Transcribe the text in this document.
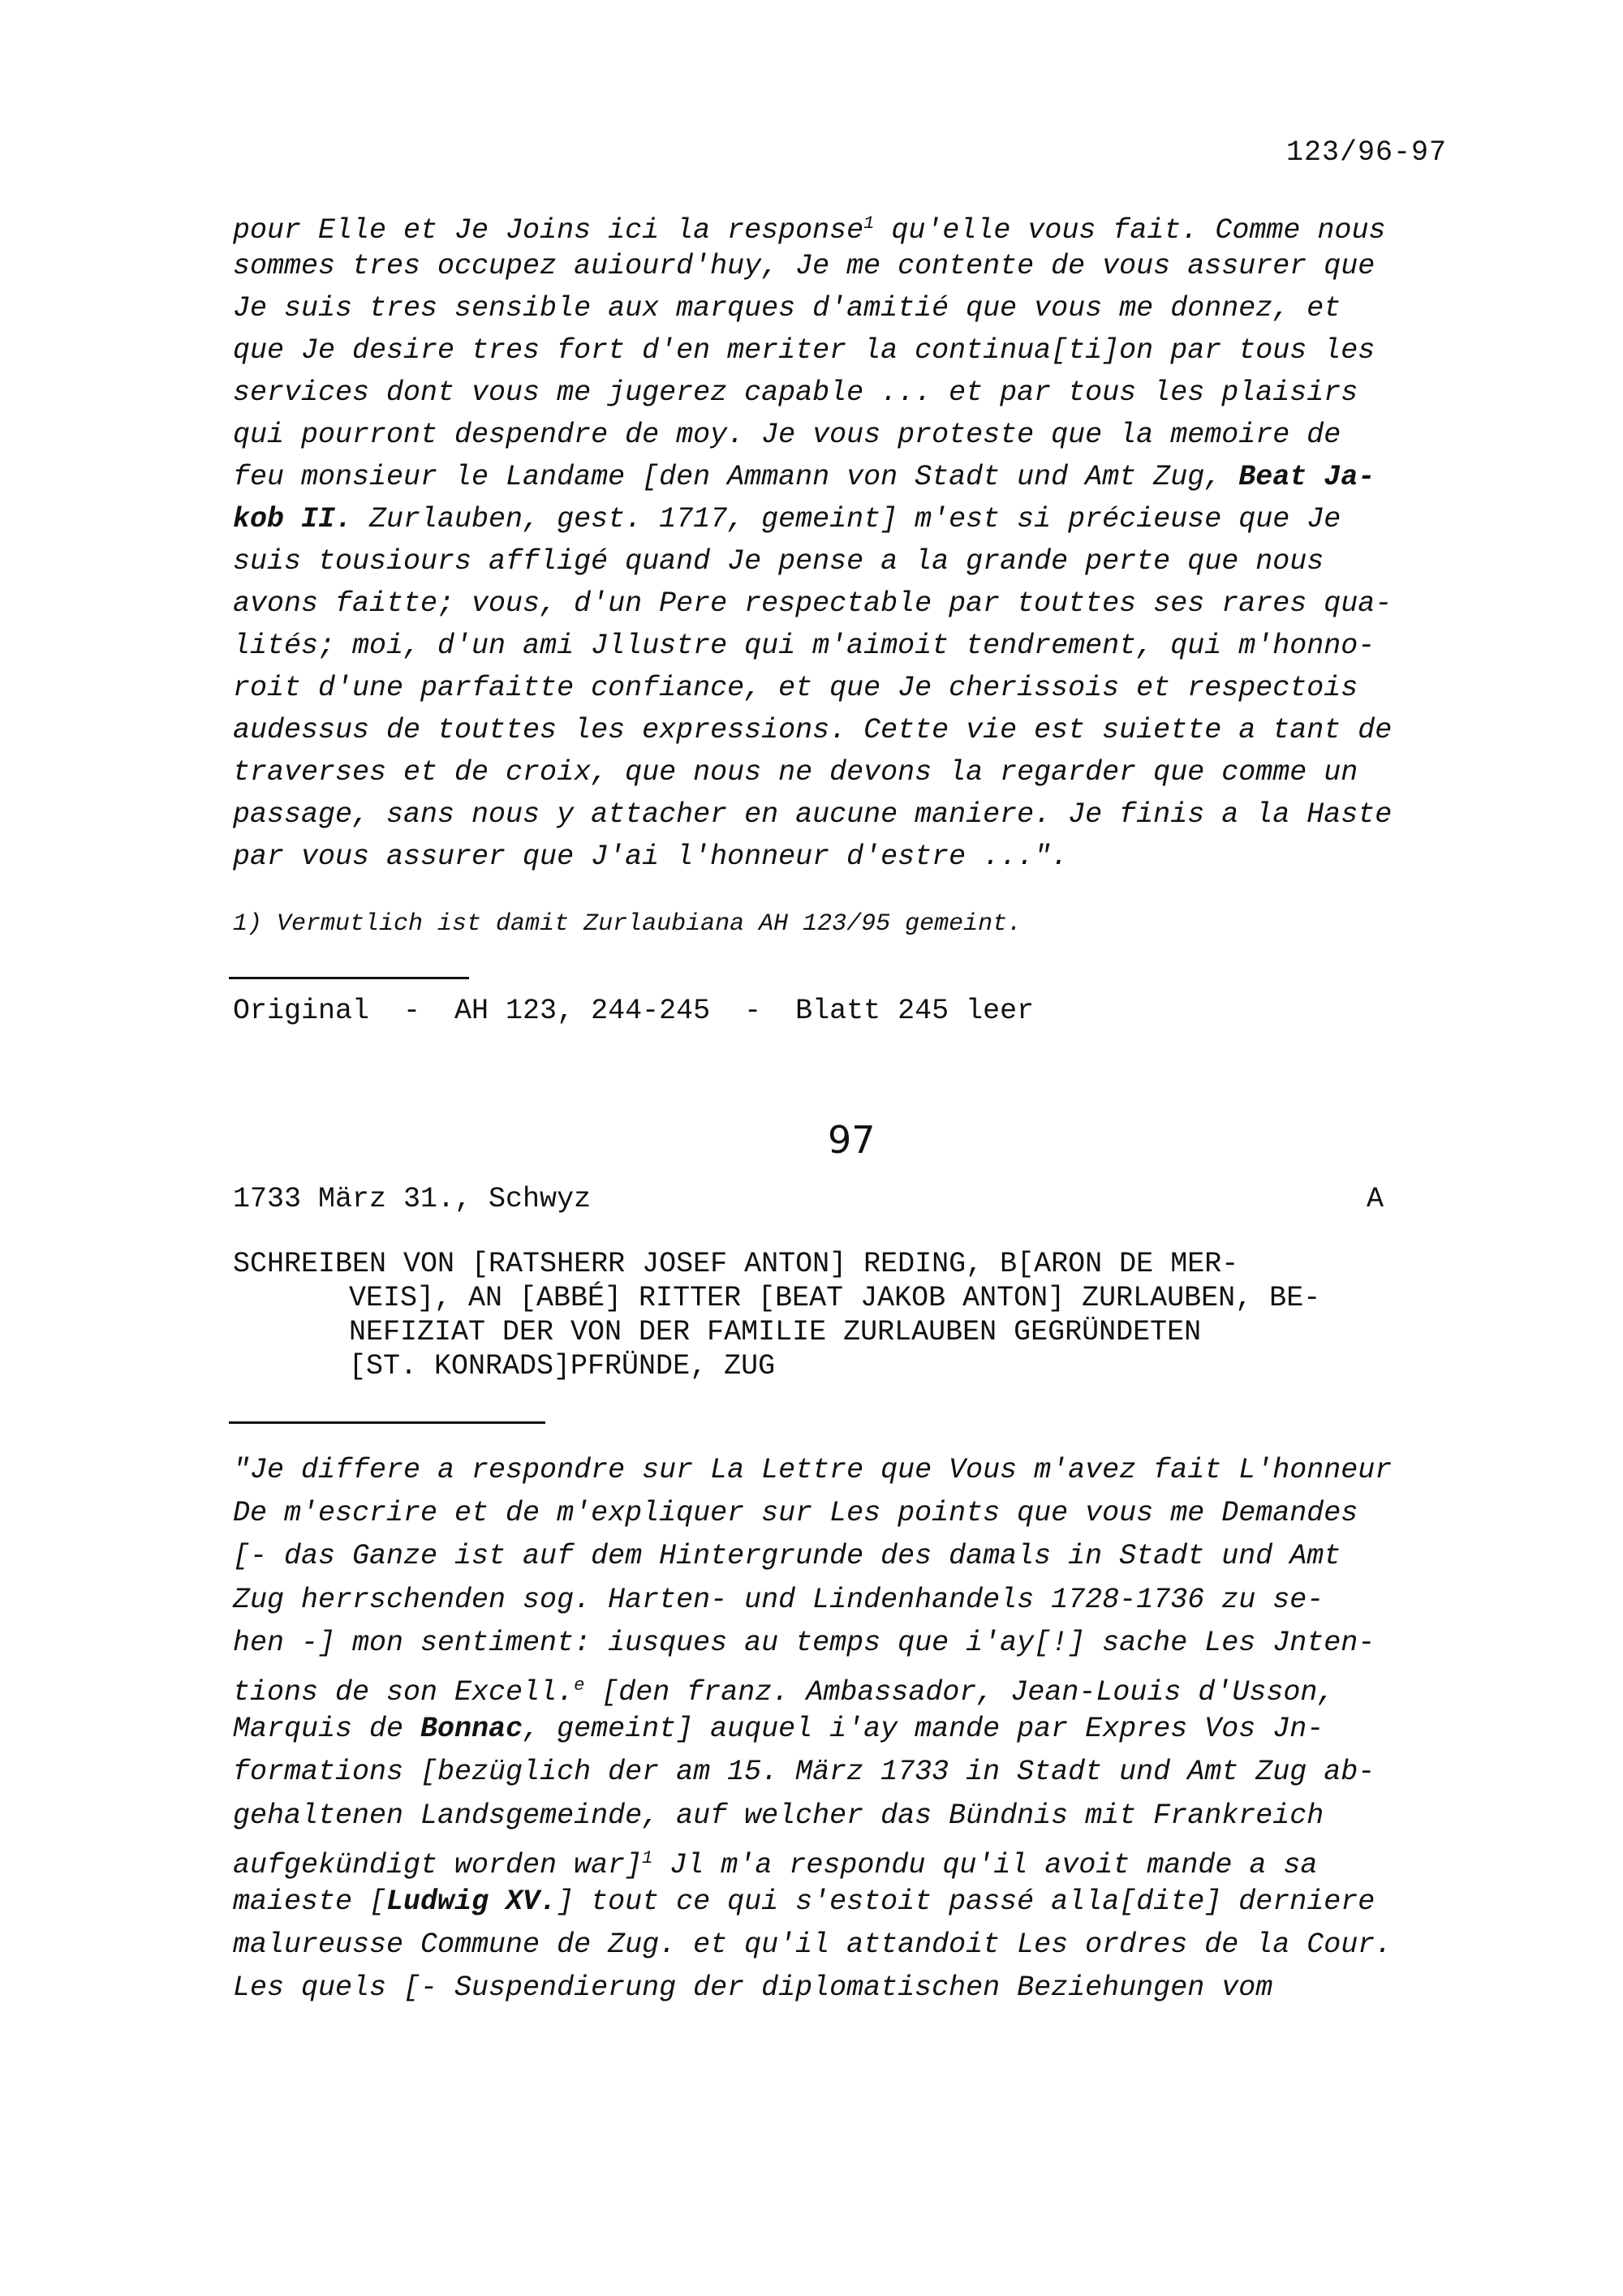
123/96-97
pour Elle et Je Joins ici la response$^1$ qu'elle vous fait. Comme nous
sommes tres occupez auiourd'huy, Je me contente de vous assurer que
Je suis tres sensible aux marques d'amitié que vous me donnez, et
que Je desire tres fort d'en meriter la continua[ti]on par tous les
services dont vous me jugerez capable ... et par tous les plaisirs
qui pourront despendre de moy. Je vous proteste que la memoire de
feu monsieur le Landame [den Ammann von Stadt und Amt Zug, Beat Ja-
kob II. Zurlauben, gest. 1717, gemeint] m'est si précieuse que Je
suis tousiours affligé quand Je pense a la grande perte que nous
avons faitte; vous, d'un Pere respectable par touttes ses rares qua-
lités; moi, d'un ami Jllustre qui m'aimoit tendrement, qui m'honno-
roit d'une parfaitte confiance, et que Je cherissois et respectois
audessus de touttes les expressions. Cette vie est suiette a tant de
traverses et de croix, que nous ne devons la regarder que comme un
passage, sans nous y attacher en aucune maniere. Je finis a la Haste
par vous assurer que J'ai l'honneur d'estre ...".
1) Vermutlich ist damit Zurlaubiana AH 123/95 gemeint.
Original  -  AH 123, 244-245  -  Blatt 245 leer
97
1733 März 31., Schwyz	A
SCHREIBEN VON [RATSHERR JOSEF ANTON] REDING, B[ARON DE MER-
VEIS], AN [ABBÉ] RITTER [BEAT JAKOB ANTON] ZURLAUBEN, BE-
NEFIZIAT DER VON DER FAMILIE ZURLAUBEN GEGRÜNDETEN
[ST. KONRADS]PFRÜNDE, ZUG
"Je differe a respondre sur La Lettre que Vous m'avez fait L'honneur
De m'escrire et de m'expliquer sur Les points que vous me Demandes
[- das Ganze ist auf dem Hintergrunde des damals in Stadt und Amt
Zug herrschenden sog. Harten- und Lindenhandels 1728-1736 zu se-
hen -] mon sentiment: iusques au temps que i'ay[!] sache Les Jnten-
tions de son Excell.$^e$ [den franz. Ambassador, Jean-Louis d'Usson,
Marquis de Bonnac, gemeint] auquel i'ay mande par Expres Vos Jn-
formations [bezüglich der am 15. März 1733 in Stadt und Amt Zug ab-
gehaltenen Landsgemeinde, auf welcher das Bündnis mit Frankreich
aufgekündigt worden war]$^1$ Jl m'a respondu qu'il avoit mande a sa
maieste [Ludwig XV.] tout ce qui s'estoit passé alla[dite] derniere
malureusse Commune de Zug. et qu'il attandoit Les ordres de la Cour.
Les quels [- Suspendierung der diplomatischen Beziehungen vom
